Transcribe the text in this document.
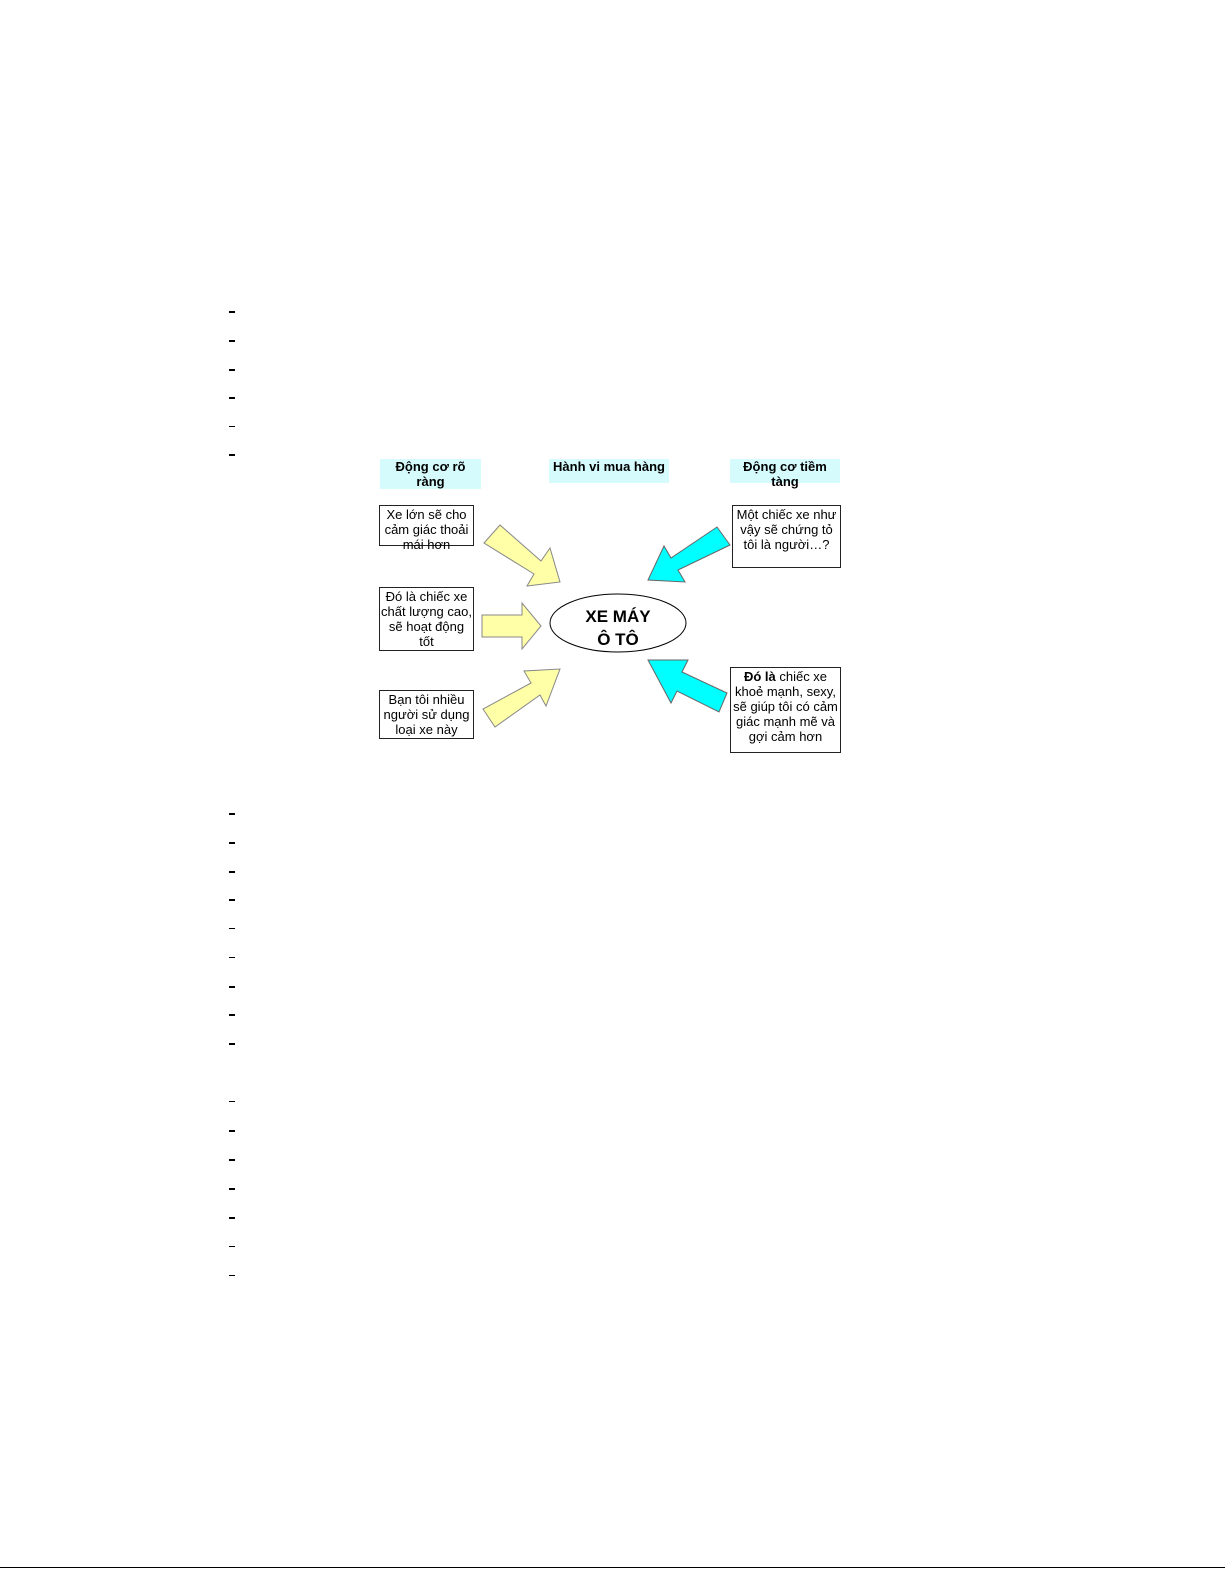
Động cơ rõ ràng
Hành vi mua hàng	Động cơ tiềm tàng
XE MÁY
Ô TÔ
Xe lớn sẽ cho cảm giác thoải mái hơn
Đó là chiếc xe chất lượng cao, sẽ hoạt động tốt
Bạn tôi nhiều người sử dụng loại xe này
Một chiếc xe như vậy sẽ chứng tỏ tôi là người…?
Đó là chiếc xe khoẻ mạnh, sexy, sẽ giúp tôi có cảm giác mạnh mẽ và gợi cảm hơn
